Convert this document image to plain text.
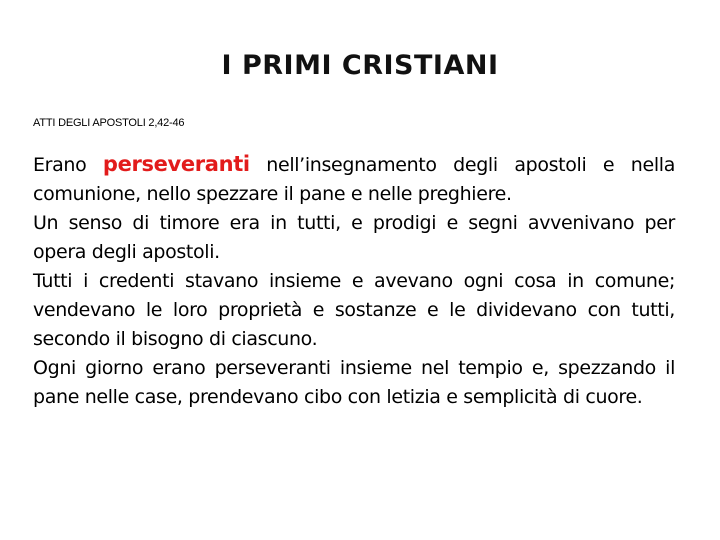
I PRIMI CRISTIANI

ATTI DEGLI APOSTOLI 2,42-46

Erano perseveranti nell’insegnamento degli apostoli e nella comunione, nello spezzare il pane e nelle preghiere.

Un senso di timore era in tutti, e prodigi e segni avvenivano per opera degli apostoli.

Tutti i credenti stavano insieme e avevano ogni cosa in comune; vendevano le loro proprietà e sostanze e le dividevano con tutti, secondo il bisogno di ciascuno.

Ogni giorno erano perseveranti insieme nel tempio e, spezzando il pane nelle case, prendevano cibo con letizia e semplicità di cuore.
